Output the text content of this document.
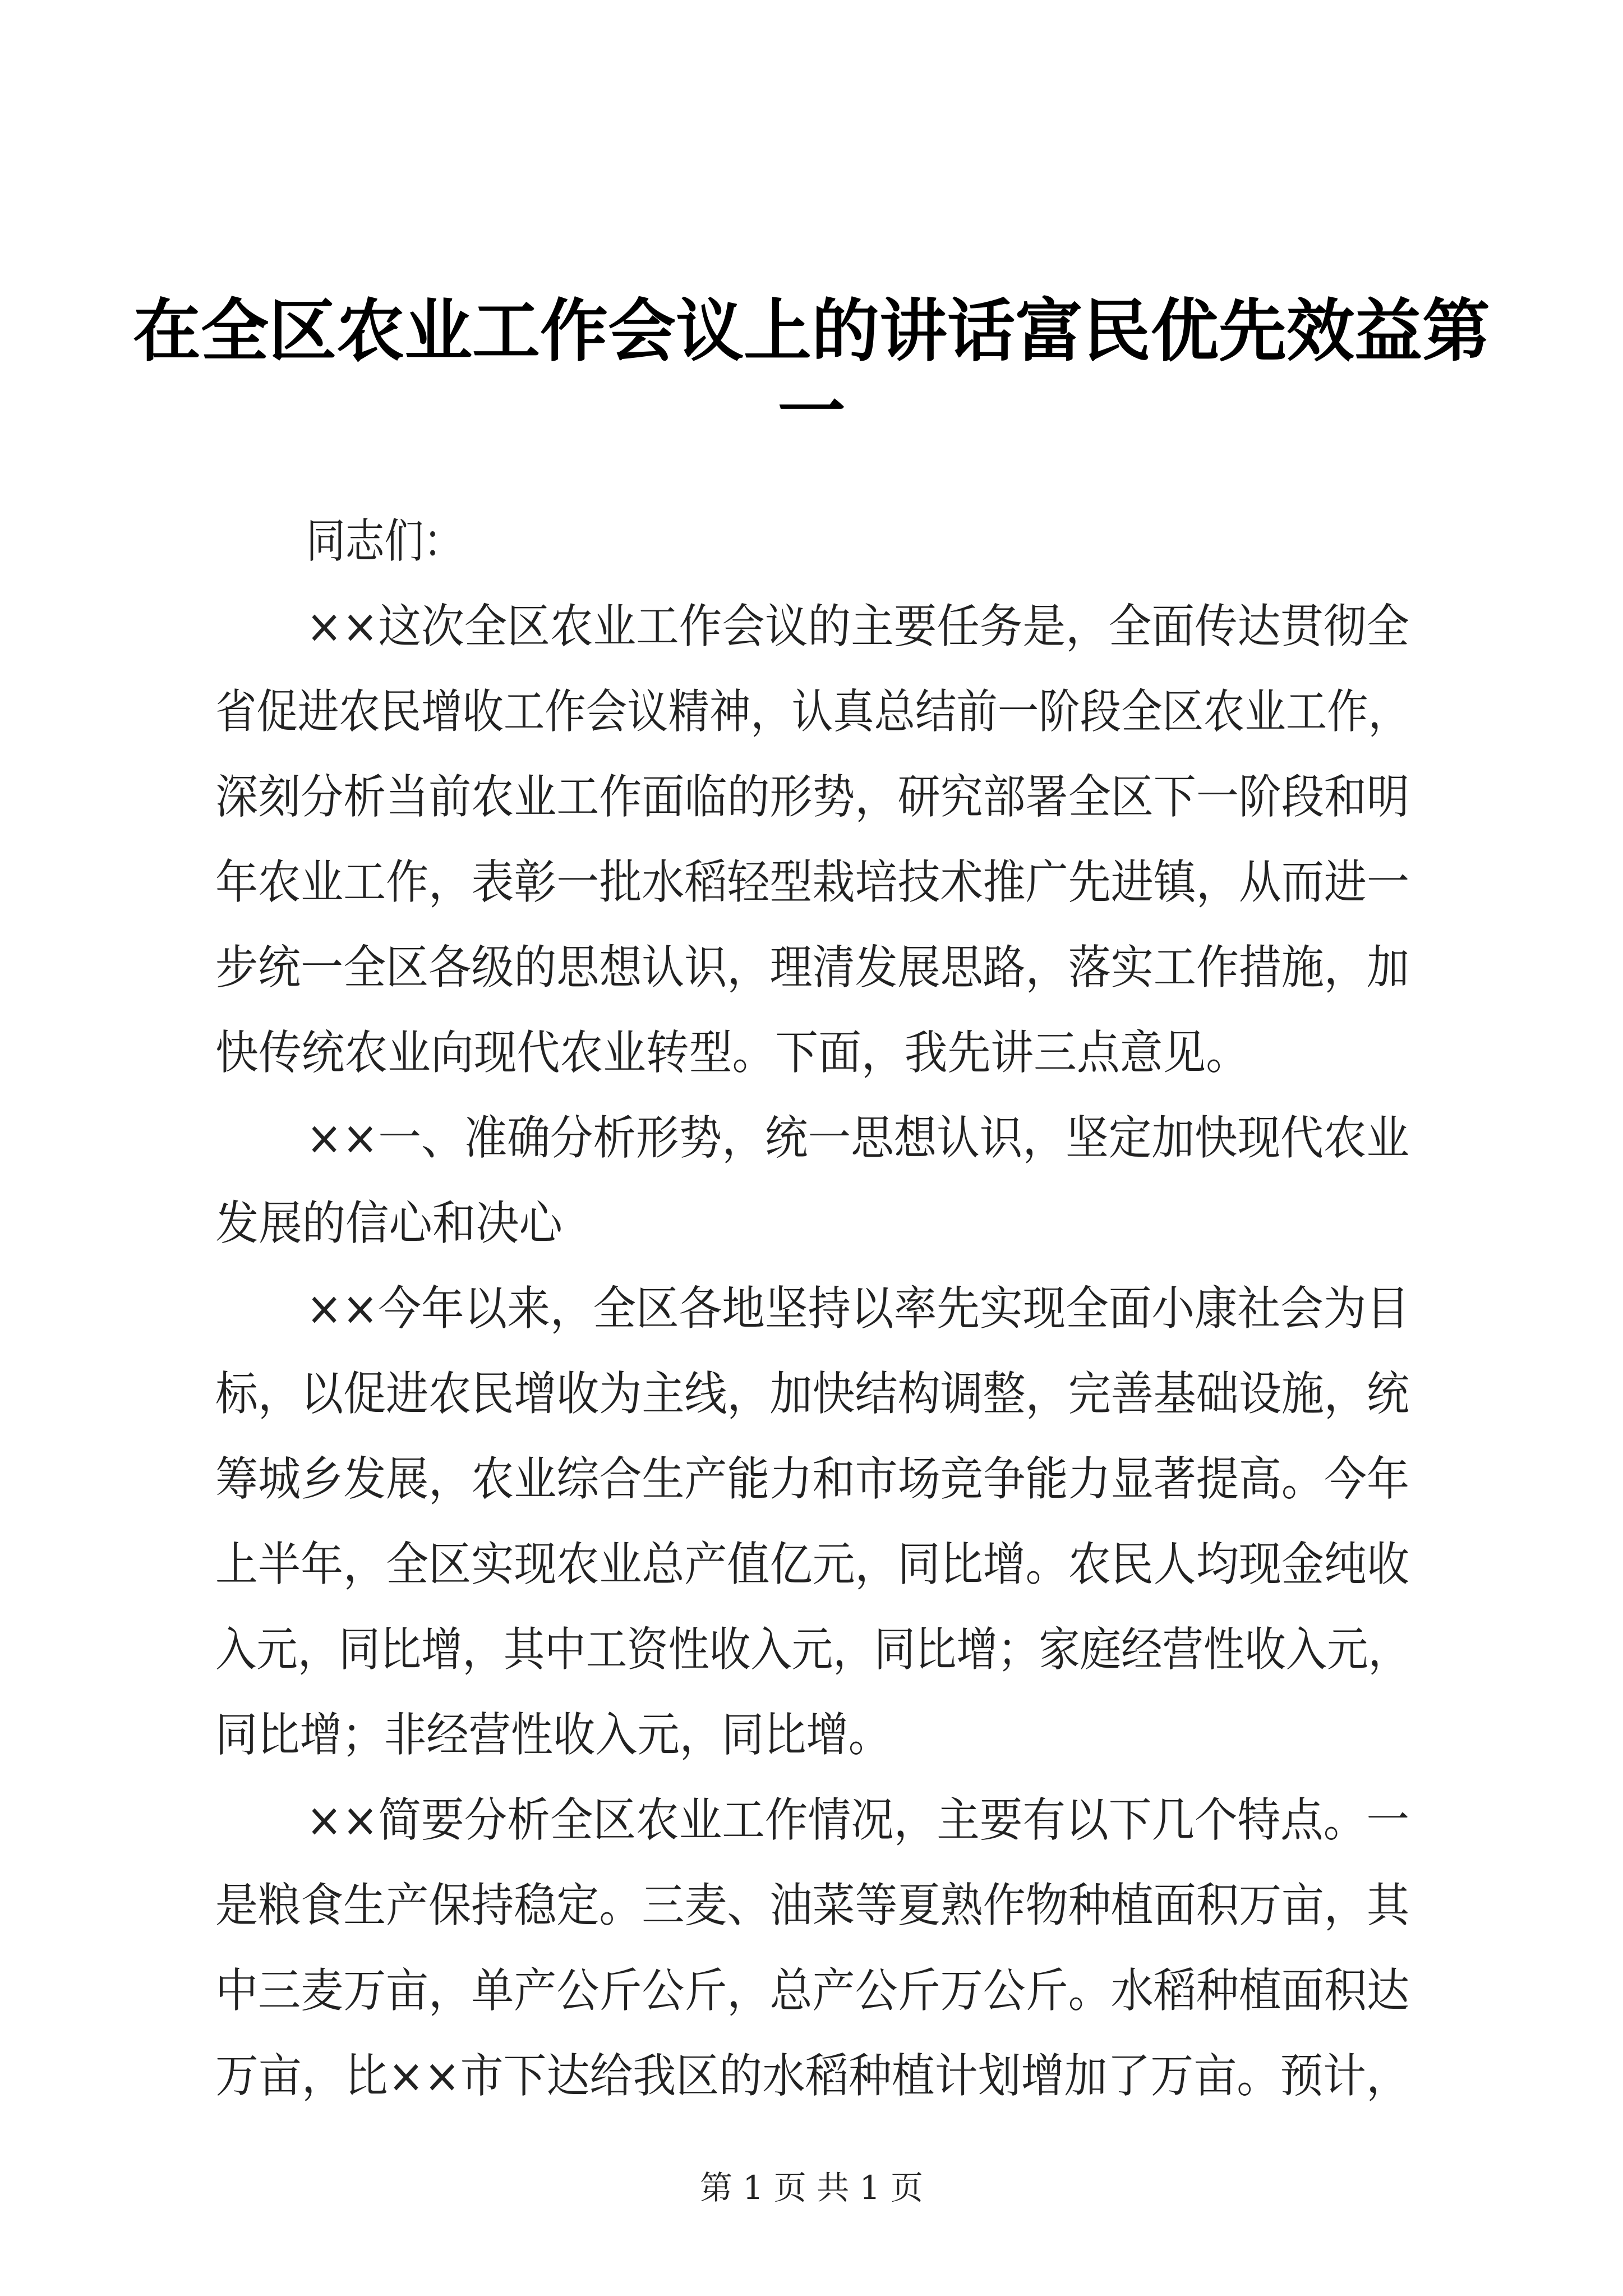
在全区农业工作会议上的讲话富民优先效益第
一
同志们：
××这次全区农业工作会议的主要任务是，全面传达贯彻全
省促进农民增收工作会议精神，认真总结前一阶段全区农业工作，
深刻分析当前农业工作面临的形势，研究部署全区下一阶段和明
年农业工作，表彰一批水稻轻型栽培技术推广先进镇，从而进一
步统一全区各级的思想认识，理清发展思路，落实工作措施，加
快传统农业向现代农业转型。下面，我先讲三点意见。
××一、准确分析形势，统一思想认识，坚定加快现代农业
发展的信心和决心
××今年以来，全区各地坚持以率先实现全面小康社会为目
标，以促进农民增收为主线，加快结构调整，完善基础设施，统
筹城乡发展，农业综合生产能力和市场竞争能力显著提高。今年
上半年，全区实现农业总产值亿元，同比增。农民人均现金纯收
入元，同比增，其中工资性收入元，同比增；家庭经营性收入元，
同比增；非经营性收入元，同比增。
××简要分析全区农业工作情况，主要有以下几个特点。一
是粮食生产保持稳定。三麦、油菜等夏熟作物种植面积万亩，其
中三麦万亩，单产公斤公斤，总产公斤万公斤。水稻种植面积达
万亩，比××市下达给我区的水稻种植计划增加了万亩。预计，
第 1 页 共 1 页
